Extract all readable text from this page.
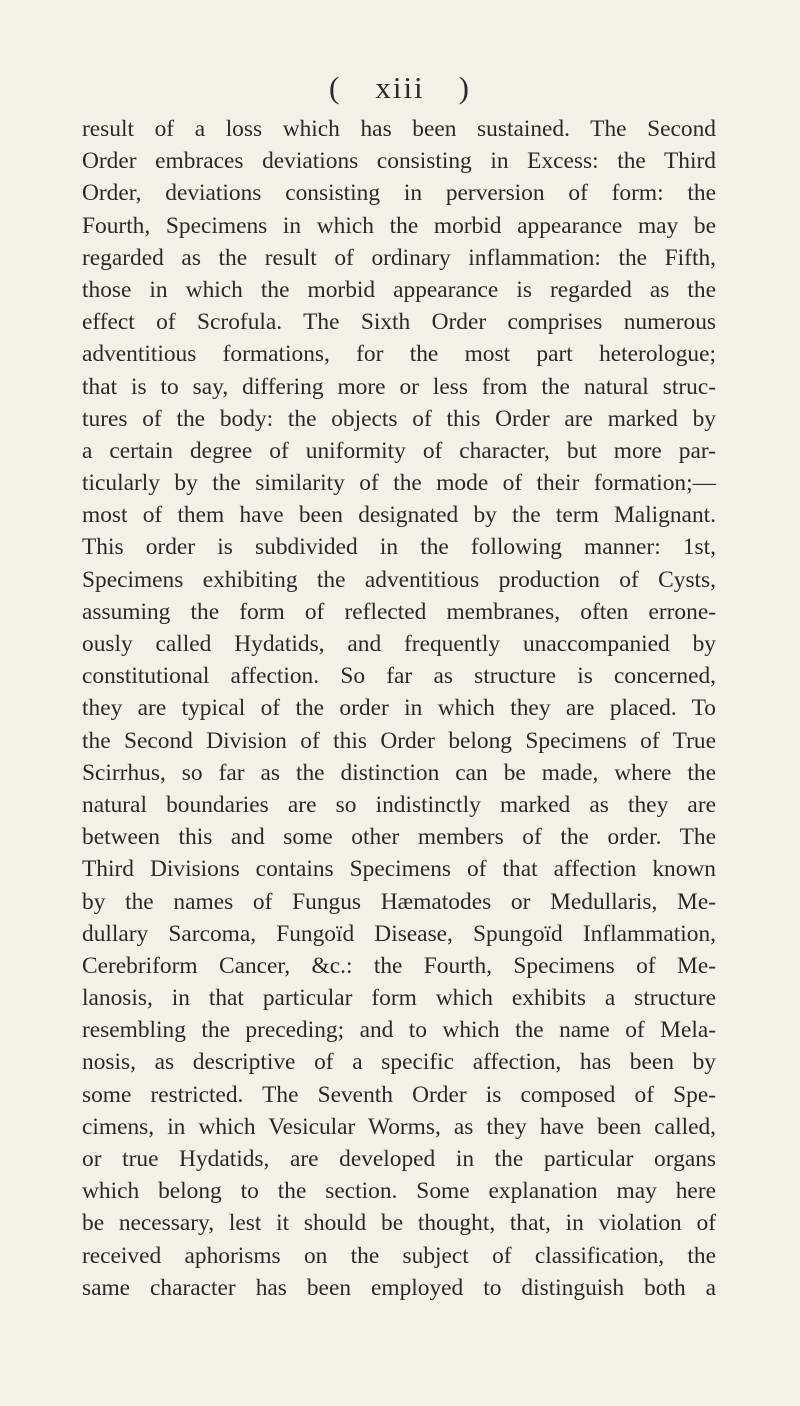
( xiii )
result of a loss which has been sustained. The Second
Order embraces deviations consisting in Excess: the Third
Order, deviations consisting in perversion of form: the
Fourth, Specimens in which the morbid appearance may be
regarded as the result of ordinary inflammation: the Fifth,
those in which the morbid appearance is regarded as the
effect of Scrofula. The Sixth Order comprises numerous
adventitious formations, for the most part heterologue;
that is to say, differing more or less from the natural struc-
tures of the body: the objects of this Order are marked by
a certain degree of uniformity of character, but more par-
ticularly by the similarity of the mode of their formation;—
most of them have been designated by the term Malignant.
This order is subdivided in the following manner: 1st,
Specimens exhibiting the adventitious production of Cysts,
assuming the form of reflected membranes, often errone-
ously called Hydatids, and frequently unaccompanied by
constitutional affection. So far as structure is concerned,
they are typical of the order in which they are placed. To
the Second Division of this Order belong Specimens of True
Scirrhus, so far as the distinction can be made, where the
natural boundaries are so indistinctly marked as they are
between this and some other members of the order. The
Third Divisions contains Specimens of that affection known
by the names of Fungus Hæmatodes or Medullaris, Me-
dullary Sarcoma, Fungoïd Disease, Spungoïd Inflammation,
Cerebriform Cancer, &c.: the Fourth, Specimens of Me-
lanosis, in that particular form which exhibits a structure
resembling the preceding; and to which the name of Mela-
nosis, as descriptive of a specific affection, has been by
some restricted. The Seventh Order is composed of Spe-
cimens, in which Vesicular Worms, as they have been called,
or true Hydatids, are developed in the particular organs
which belong to the section. Some explanation may here
be necessary, lest it should be thought, that, in violation of
received aphorisms on the subject of classification, the
same character has been employed to distinguish both a
